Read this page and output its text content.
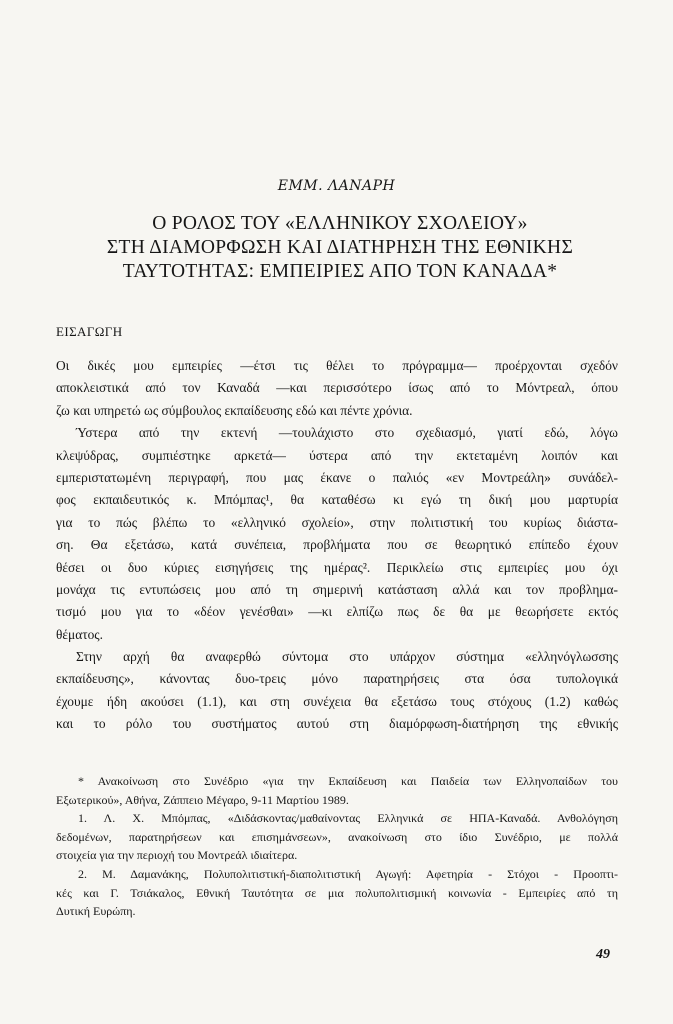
ΕΜΜ. ΛΑΝΑΡΗ
Ο ΡΟΛΟΣ ΤΟΥ «ΕΛΛΗΝΙΚΟΥ ΣΧΟΛΕΙΟΥ»
ΣΤΗ ΔΙΑΜΟΡΦΩΣΗ ΚΑΙ ΔΙΑΤΗΡΗΣΗ ΤΗΣ ΕΘΝΙΚΗΣ
ΤΑΥΤΟΤΗΤΑΣ: ΕΜΠΕΙΡΙΕΣ ΑΠΟ ΤΟΝ ΚΑΝΑΔΑ*
ΕΙΣΑΓΩΓΗ
Οι δικές μου εμπειρίες —έτσι τις θέλει το πρόγραμμα— προέρχονται σχεδόν
αποκλειστικά από τον Καναδά —και περισσότερο ίσως από το Μόντρεαλ, όπου
ζω και υπηρετώ ως σύμβουλος εκπαίδευσης εδώ και πέντε χρόνια.
Ύστερα από την εκτενή —τουλάχιστο στο σχεδιασμό, γιατί εδώ, λόγω
κλεψύδρας, συμπιέστηκε αρκετά— ύστερα από την εκτεταμένη λοιπόν και
εμπεριστατωμένη περιγραφή, που μας έκανε ο παλιός «εν Μοντρεάλη» συνάδελ-
φος εκπαιδευτικός κ. Μπόμπας¹, θα καταθέσω κι εγώ τη δική μου μαρτυρία
για το πώς βλέπω το «ελληνικό σχολείο», στην πολιτιστική του κυρίως διάστα-
ση. Θα εξετάσω, κατά συνέπεια, προβλήματα που σε θεωρητικό επίπεδο έχουν
θέσει οι δυο κύριες εισηγήσεις της ημέρας². Περικλείω στις εμπειρίες μου όχι
μονάχα τις εντυπώσεις μου από τη σημερινή κατάσταση αλλά και τον προβλημα-
τισμό μου για το «δέον γενέσθαι» —κι ελπίζω πως δε θα με θεωρήσετε εκτός
θέματος.
Στην αρχή θα αναφερθώ σύντομα στο υπάρχον σύστημα «ελληνόγλωσσης
εκπαίδευσης», κάνοντας δυο-τρεις μόνο παρατηρήσεις στα όσα τυπολογικά
έχουμε ήδη ακούσει (1.1), και στη συνέχεια θα εξετάσω τους στόχους (1.2) καθώς
και το ρόλο του συστήματος αυτού στη διαμόρφωση-διατήρηση της εθνικής
* Ανακοίνωση στο Συνέδριο «για την Εκπαίδευση και Παιδεία των Ελληνοπαίδων του
Εξωτερικού», Αθήνα, Ζάππειο Μέγαρο, 9-11 Μαρτίου 1989.
1. Λ. Χ. Μπόμπας, «Διδάσκοντας/μαθαίνοντας Ελληνικά σε ΗΠΑ-Καναδά. Ανθολόγηση
δεδομένων, παρατηρήσεων και επισημάνσεων», ανακοίνωση στο ίδιο Συνέδριο, με πολλά
στοιχεία για την περιοχή του Μοντρεάλ ιδιαίτερα.
2. Μ. Δαμανάκης, Πολυπολιτιστική-διαπολιτιστική Αγωγή: Αφετηρία - Στόχοι - Προοπτι-
κές και Γ. Τσιάκαλος, Εθνική Ταυτότητα σε μια πολυπολιτισμική κοινωνία - Εμπειρίες από τη
Δυτική Ευρώπη.
49
